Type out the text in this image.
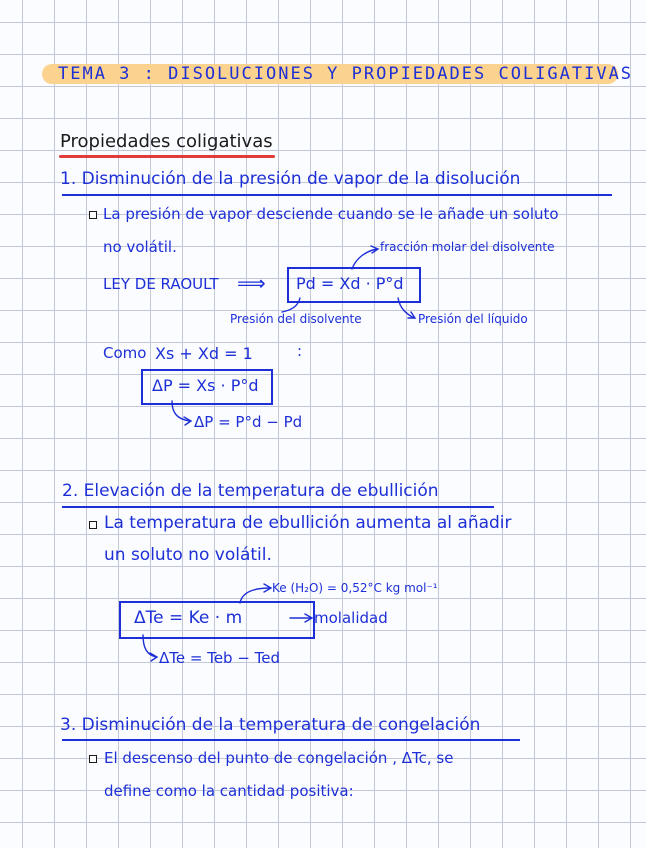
TEMA 3 : DISOLUCIONES Y PROPIEDADES COLIGATIVAS
Propiedades coligativas
1. Disminución de la presión de vapor de la disolución
La presión de vapor desciende cuando se le añade un soluto
no volátil.	fracción molar del disolvente
LEY DE RAOULT ⟹ Pd = Xd · P°d
Presión del disolvente	Presión del líquido
Como Xs + Xd = 1	:
ΔP = Xs · P°d
ΔP = P°d − Pd
2. Elevación de la temperatura de ebullición
La temperatura de ebullición aumenta al añadir
un soluto no volátil.
Ke (H₂O) = 0,52°C kg mol⁻¹
ΔTe = Ke · m	molalidad
ΔTe = Teb − Ted
3. Disminución de la temperatura de congelación
El descenso del punto de congelación , ΔTc, se
define como la cantidad positiva:
